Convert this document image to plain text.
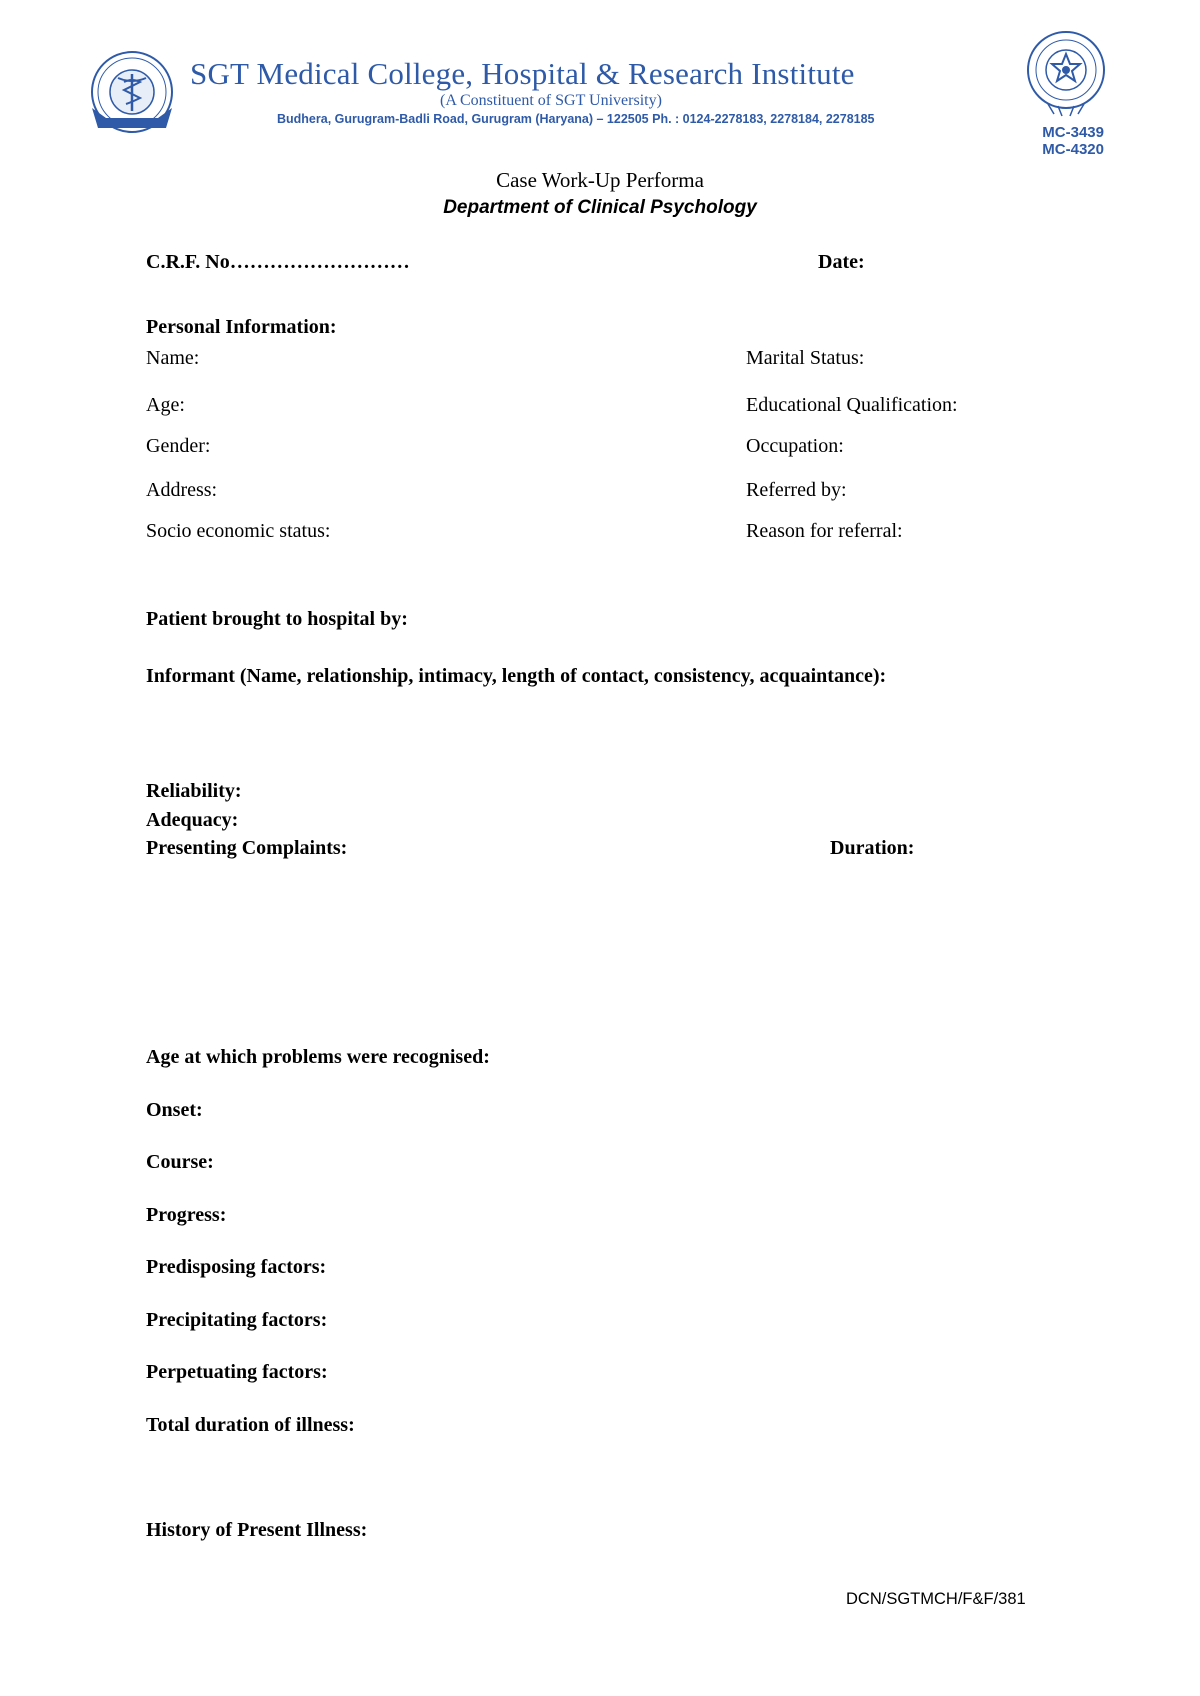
SGT Medical College, Hospital & Research Institute
(A Constituent of SGT University)
Budhera, Gurugram-Badli Road, Gurugram (Haryana) – 122505 Ph. : 0124-2278183, 2278184, 2278185
MC-3439
MC-4320
Case Work-Up Performa
Department of Clinical Psychology
C.R.F. No………………………	Date:
Personal Information:
Name:
Age:
Gender:
Address:
Socio economic status:
Marital Status:
Educational Qualification:
Occupation:
Referred by:
Reason for referral:
Patient brought to hospital by:
Informant (Name, relationship, intimacy, length of contact, consistency, acquaintance):
Reliability:
Adequacy:
Presenting Complaints:	Duration:
Age at which problems were recognised:
Onset:
Course:
Progress:
Predisposing factors:
Precipitating factors:
Perpetuating factors:
Total duration of illness:
History of Present Illness:
DCN/SGTMCH/F&F/381
